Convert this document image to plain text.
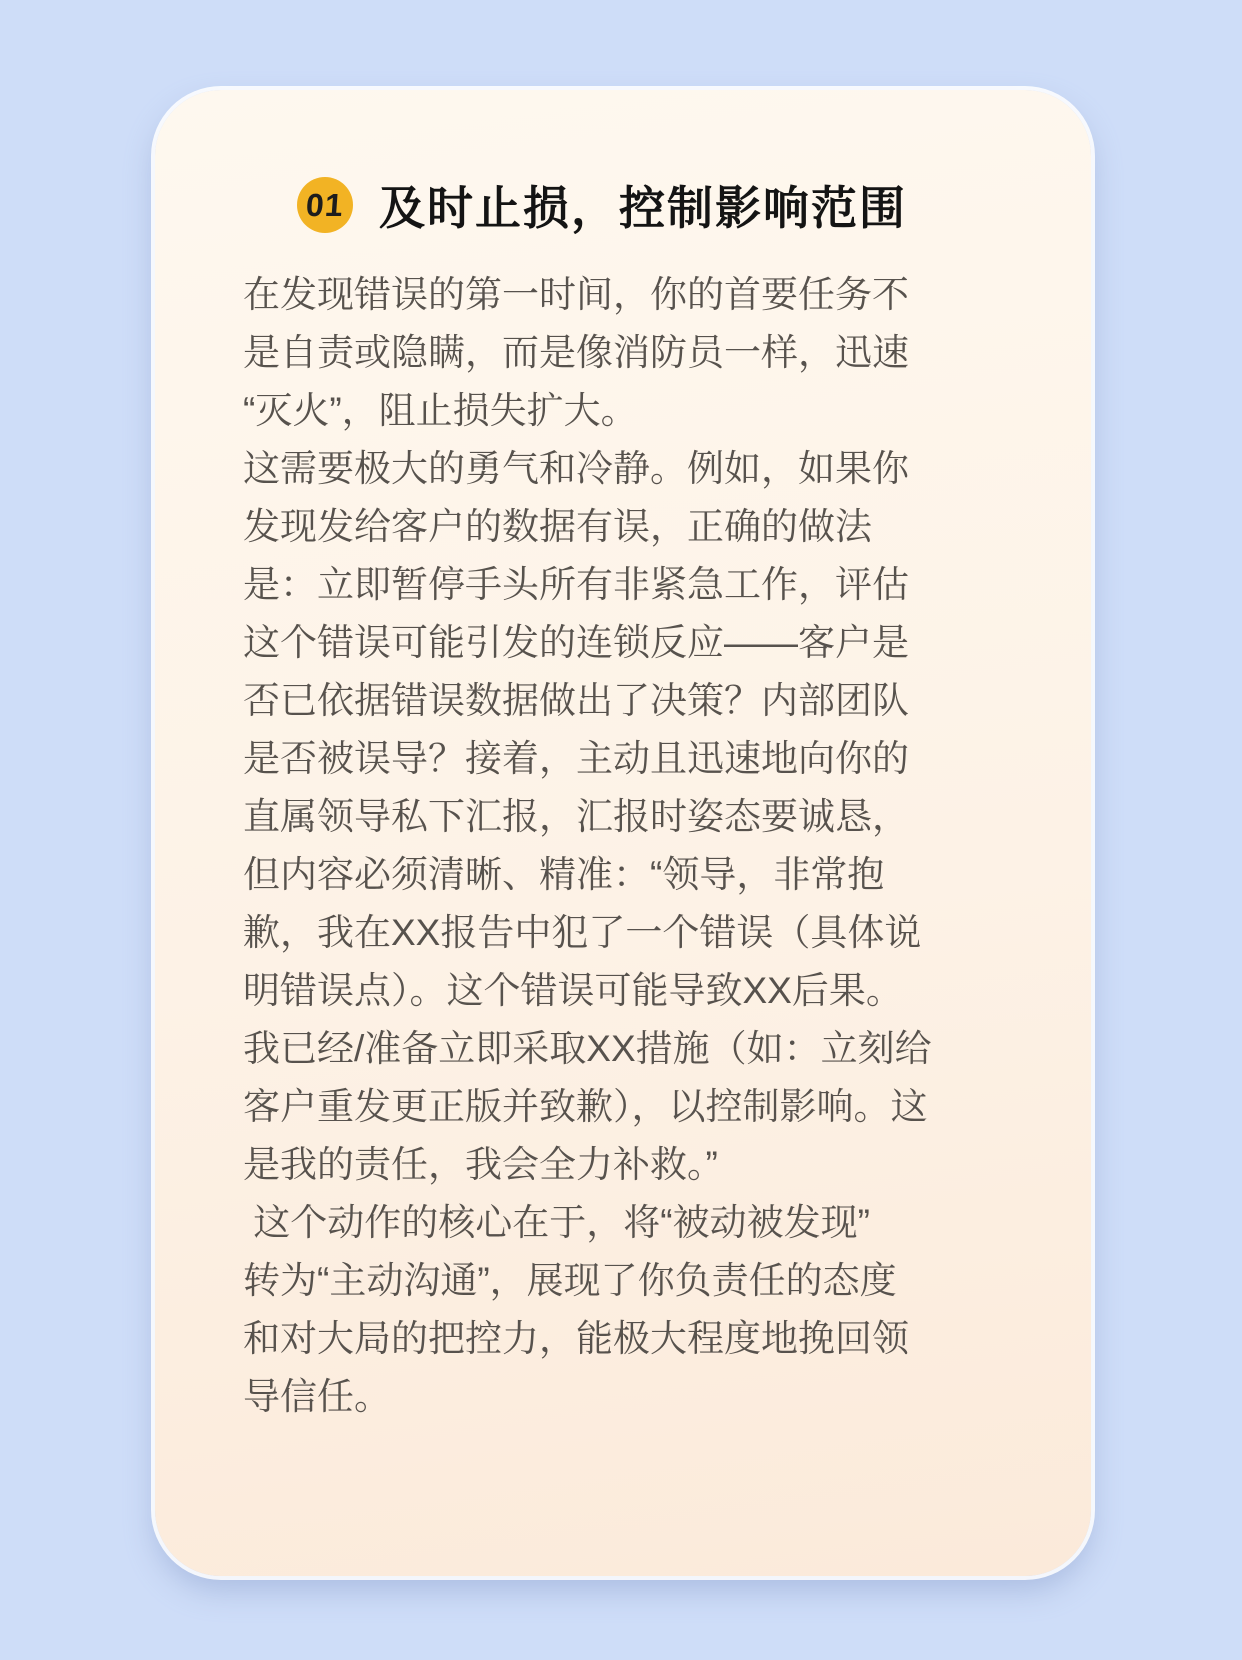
01 及时止损，控制影响范围
在发现错误的第一时间，你的首要任务不
是自责或隐瞒，而是像消防员一样，迅速
“灭火”，阻止损失扩大。
这需要极大的勇气和冷静。例如，如果你
发现发给客户的数据有误，正确的做法
是：立即暂停手头所有非紧急工作，评估
这个错误可能引发的连锁反应——客户是
否已依据错误数据做出了决策？内部团队
是否被误导？接着，主动且迅速地向你的
直属领导私下汇报，汇报时姿态要诚恳，
但内容必须清晰、精准：“领导，非常抱
歉，我在XX报告中犯了一个错误（具体说
明错误点）。这个错误可能导致XX后果。
我已经/准备立即采取XX措施（如：立刻给
客户重发更正版并致歉），以控制影响。这
是我的责任，我会全力补救。”
这个动作的核心在于，将“被动被发现”
转为“主动沟通”，展现了你负责任的态度
和对大局的把控力，能极大程度地挽回领
导信任。
